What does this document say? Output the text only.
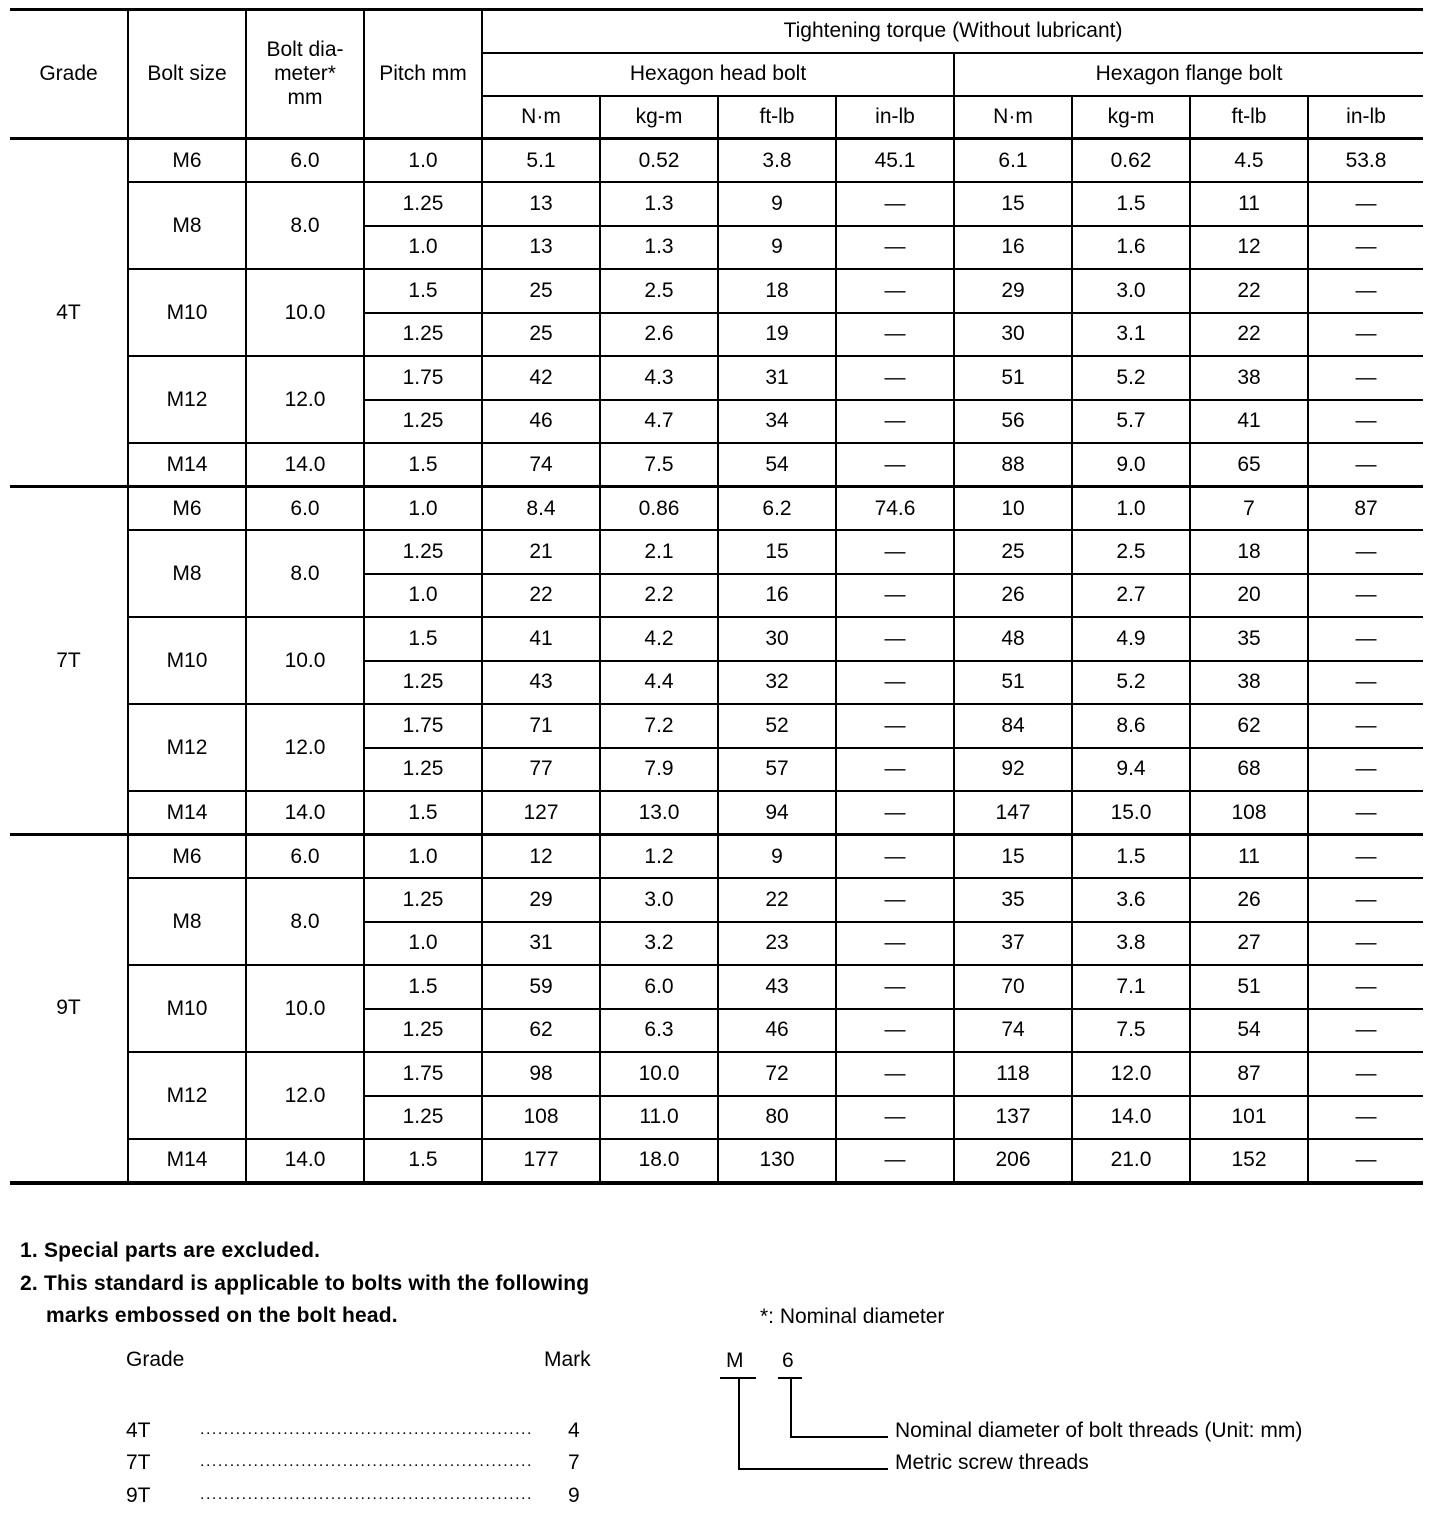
Grade	Bolt size	Bolt dia-
meter*
mm	Pitch mm	Tightening torque (Without lubricant)							
				Hexagon head bolt				Hexagon flange bolt			
				N·m	kg-m	ft-lb	in-lb	N·m	kg-m	ft-lb	in-lb
4T	M6	6.0	1.0	5.1	0.52	3.8	45.1	6.1	0.62	4.5	53.8
	M8	8.0	1.25	13	1.3	9	—	15	1.5	11	—
			1.0	13	1.3	9	—	16	1.6	12	—
	M10	10.0	1.5	25	2.5	18	—	29	3.0	22	—
			1.25	25	2.6	19	—	30	3.1	22	—
	M12	12.0	1.75	42	4.3	31	—	51	5.2	38	—
			1.25	46	4.7	34	—	56	5.7	41	—
	M14	14.0	1.5	74	7.5	54	—	88	9.0	65	—
7T	M6	6.0	1.0	8.4	0.86	6.2	74.6	10	1.0	7	87
	M8	8.0	1.25	21	2.1	15	—	25	2.5	18	—
			1.0	22	2.2	16	—	26	2.7	20	—
	M10	10.0	1.5	41	4.2	30	—	48	4.9	35	—
			1.25	43	4.4	32	—	51	5.2	38	—
	M12	12.0	1.75	71	7.2	52	—	84	8.6	62	—
			1.25	77	7.9	57	—	92	9.4	68	—
	M14	14.0	1.5	127	13.0	94	—	147	15.0	108	—
9T	M6	6.0	1.0	12	1.2	9	—	15	1.5	11	—
	M8	8.0	1.25	29	3.0	22	—	35	3.6	26	—
			1.0	31	3.2	23	—	37	3.8	27	—
	M10	10.0	1.5	59	6.0	43	—	70	7.1	51	—
			1.25	62	6.3	46	—	74	7.5	54	—
	M12	12.0	1.75	98	10.0	72	—	118	12.0	87	—
			1.25	108	11.0	80	—	137	14.0	101	—
	M14	14.0	1.5	177	18.0	130	—	206	21.0	152	—
1. Special parts are excluded.
2. This standard is applicable to bolts with the following
marks embossed on the bolt head.	*: Nominal diameter
Grade	Mark
4T	........................................................	4
7T	........................................................	7
9T	........................................................	9
M 6
Nominal diameter of bolt threads (Unit: mm)
Metric screw threads
